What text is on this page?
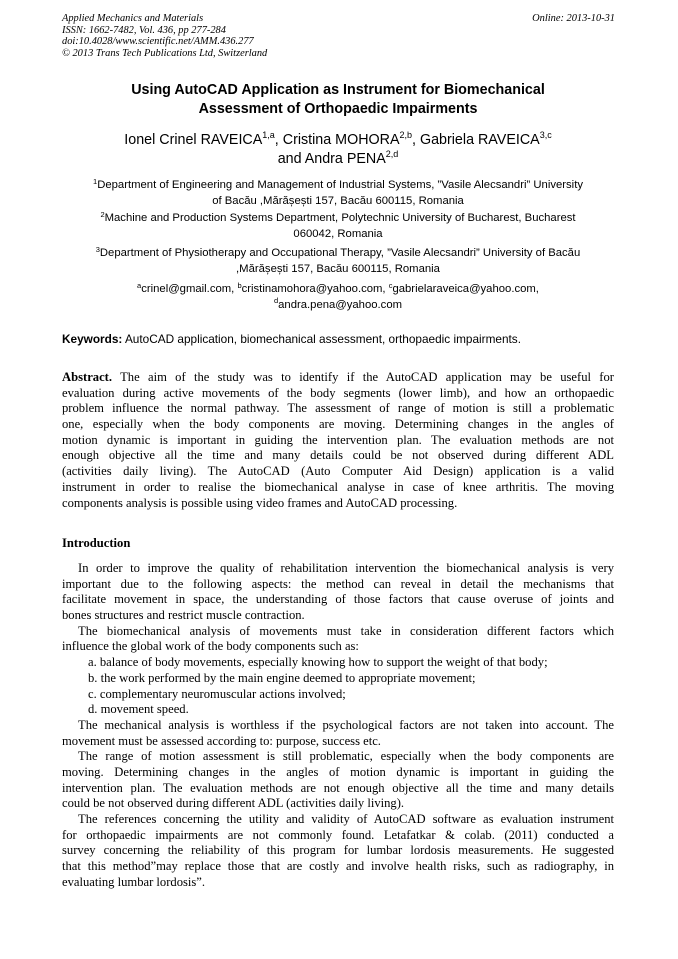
Applied Mechanics and Materials
ISSN: 1662-7482, Vol. 436, pp 277-284
doi:10.4028/www.scientific.net/AMM.436.277
© 2013 Trans Tech Publications Ltd, Switzerland
Online: 2013-10-31
Using AutoCAD Application as Instrument for Biomechanical
Assessment of Orthopaedic Impairments
Ionel Crinel RAVEICA$^{1,a}$, Cristina MOHORA$^{2,b}$, Gabriela RAVEICA$^{3,c}$
and Andra PENA$^{2,d}$
$^1$Department of Engineering and Management of Industrial Systems, ”Vasile Alecsandri” University
of Bacău ,Mărășești 157, Bacău 600115, Romania
$^2$Machine and Production Systems Department, Polytechnic University of Bucharest, Bucharest
060042, Romania
$^3$Department of Physiotherapy and Occupational Therapy, ”Vasile Alecsandri” University of Bacău
,Mărășești 157, Bacău 600115, Romania
$^a$crinel@gmail.com, $^b$cristinamohora@yahoo.com, $^c$gabrielaraveica@yahoo.com,
$^d$andra.pena@yahoo.com
Keywords: AutoCAD application, biomechanical assessment, orthopaedic impairments.
Abstract. The aim of the study was to identify if the AutoCAD application may be useful for
evaluation during active movements of the body segments (lower limb), and how an orthopaedic
problem influence the normal pathway. The assessment of range of motion is still a problematic
one, especially when the body components are moving. Determining changes in the angles of
motion dynamic is important in guiding the intervention plan. The evaluation methods are not
enough objective all the time and many details could be not observed during different ADL
(activities daily living). The AutoCAD (Auto Computer Aid Design) application is a valid
instrument in order to realise the biomechanical analyse in case of knee arthritis. The moving
components analysis is possible using video frames and AutoCAD processing.
Introduction
In order to improve the quality of rehabilitation intervention the biomechanical analysis is very
important due to the following aspects: the method can reveal in detail the mechanisms that
facilitate movement in space, the understanding of those factors that cause overuse of joints and
bones structures and restrict muscle contraction.
The biomechanical analysis of movements must take in consideration different factors which
influence the global work of the body components such as:
a. balance of body movements, especially knowing how to support the weight of that body;
b. the work performed by the main engine deemed to appropriate movement;
c. complementary neuromuscular actions involved;
d. movement speed.
The mechanical analysis is worthless if the psychological factors are not taken into account. The
movement must be assessed according to: purpose, success etc.
The range of motion assessment is still problematic, especially when the body components are
moving. Determining changes in the angles of motion dynamic is important in guiding the
intervention plan. The evaluation methods are not enough objective all the time and many details
could be not observed during different ADL (activities daily living).
The references concerning the utility and validity of AutoCAD software as evaluation instrument
for orthopaedic impairments are not commonly found. Letafatkar & colab. (2011) conducted a
survey concerning the reliability of this program for lumbar lordosis measurements. He suggested
that this method”may replace those that are costly and involve health risks, such as radiography, in
evaluating lumbar lordosis”.
